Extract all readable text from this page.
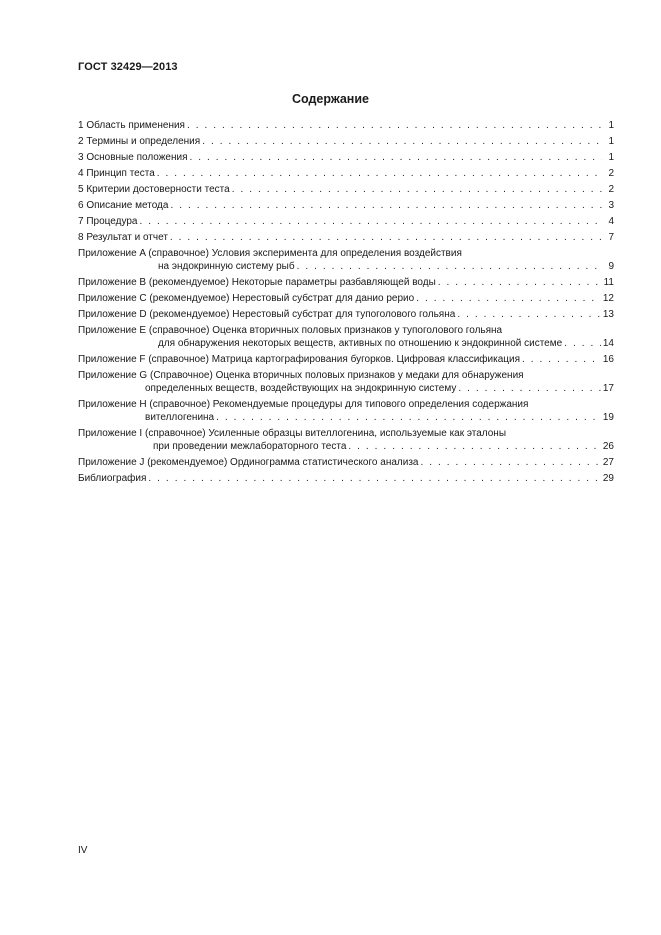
ГОСТ 32429—2013
Содержание
1 Область применения . . .	1
2 Термины и определения . . .	1
3 Основные положения . . .	1
4 Принцип теста . . .	2
5 Критерии достоверности теста . . .	2
6 Описание метода . . .	3
7 Процедура . . .	4
8 Результат и отчет . . .	7
Приложение A (справочное) Условия эксперимента для определения воздействия
на эндокринную систему рыб . . .	9
Приложение B (рекомендуемое) Некоторые параметры разбавляющей воды . . .	11
Приложение C (рекомендуемое) Нерестовый субстрат для данио рерио . . .	12
Приложение D (рекомендуемое) Нерестовый субстрат для тупоголового гольяна . . .	13
Приложение E (справочное) Оценка вторичных половых признаков у тупоголового гольяна
для обнаружения некоторых веществ, активных по отношению к эндокринной системе . . .	14
Приложение F (справочное) Матрица картографирования бугорков. Цифровая классификация . . .	16
Приложение G (Справочное) Оценка вторичных половых признаков у медаки для обнаружения
определенных веществ, воздействующих на эндокринную систему . . .	17
Приложение H (справочное) Рекомендуемые процедуры для типового определения содержания
вителлогенина . . .	19
Приложение I (справочное) Усиленные образцы вителлогенина, используемые как эталоны
при проведении межлабораторного теста . . .	26
Приложение J (рекомендуемое) Ординограмма статистического анализа . . .	27
Библиография . . .	29
IV
